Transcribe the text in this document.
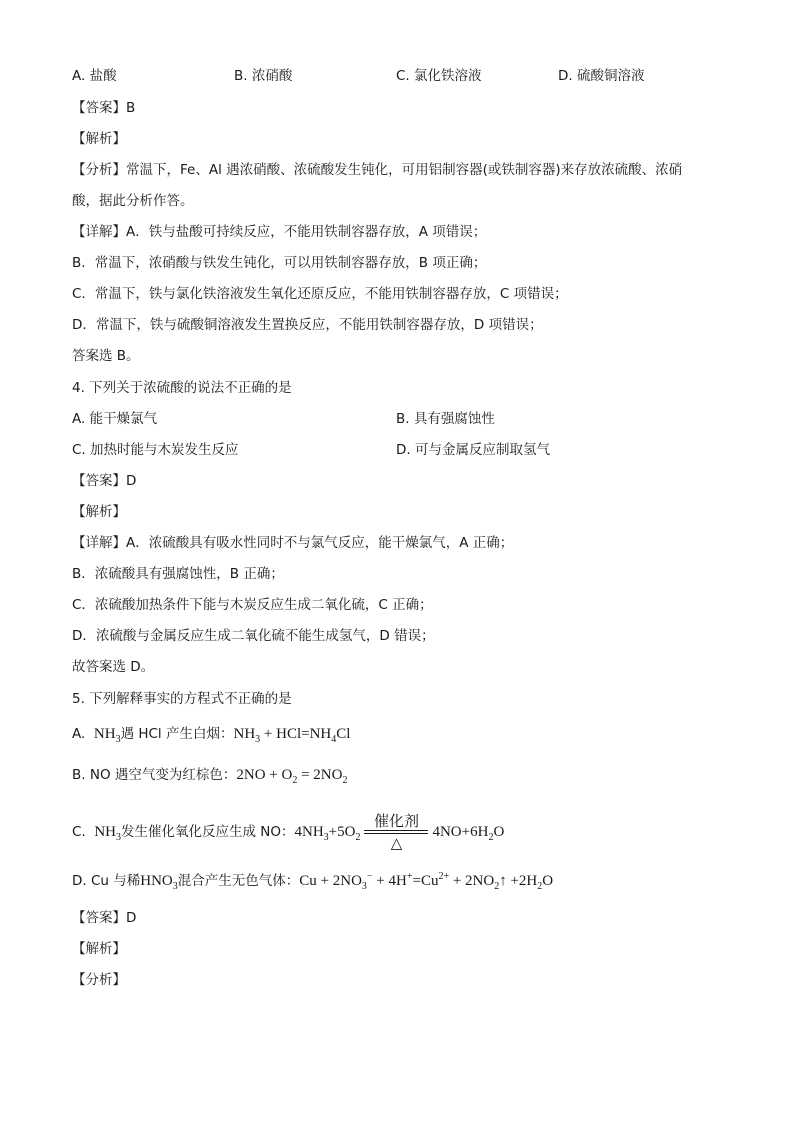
A. 盐酸	B. 浓硝酸	C. 氯化铁溶液	D. 硫酸铜溶液
【答案】B
【解析】
【分析】常温下，Fe、Al 遇浓硝酸、浓硫酸发生钝化，可用铝制容器(或铁制容器)来存放浓硫酸、浓硝
酸，据此分析作答。
【详解】A．铁与盐酸可持续反应，不能用铁制容器存放，A 项错误；
B．常温下，浓硝酸与铁发生钝化，可以用铁制容器存放，B 项正确；
C．常温下，铁与氯化铁溶液发生氧化还原反应，不能用铁制容器存放，C 项错误；
D．常温下，铁与硫酸铜溶液发生置换反应，不能用铁制容器存放，D 项错误；
答案选 B。
4. 下列关于浓硫酸的说法不正确的是
A. 能干燥氯气	B. 具有强腐蚀性
C. 加热时能与木炭发生反应	D. 可与金属反应制取氢气
【答案】D
【解析】
【详解】A．浓硫酸具有吸水性同时不与氯气反应，能干燥氯气，A 正确；
B．浓硫酸具有强腐蚀性，B 正确；
C．浓硫酸加热条件下能与木炭反应生成二氧化硫，C 正确；
D．浓硫酸与金属反应生成二氧化硫不能生成氢气，D 错误；
故答案选 D。
5. 下列解释事实的方程式不正确的是
A. $NH_3$遇 HCl 产生白烟：$NH_3 + HCl=NH_4Cl$
B. NO 遇空气变为红棕色：$2NO + O_2 = 2NO_2$
C. $NH_3$发生催化氧化反应生成 NO：$4NH_3+5O_2 \frac{\text{催化剂}}{\triangle} 4NO+6H_2O$
D. Cu 与稀$HNO_3$混合产生无色气体：$Cu + 2NO_3^- + 4H^+=Cu^{2+}$ + $2NO_2↑ +2H_2O$
【答案】D
【解析】
【分析】
